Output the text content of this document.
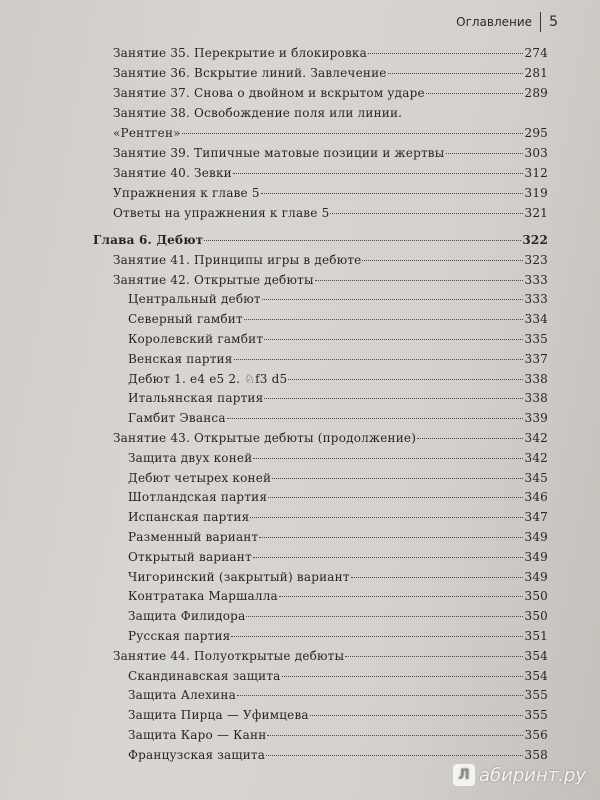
Оглавление 5
Занятие 35. Перекрытие и блокировка	274
Занятие 36. Вскрытие линий. Завлечение	281
Занятие 37. Снова о двойном и вскрытом ударе	289
Занятие 38. Освобождение поля или линии.
«Рентген»	295
Занятие 39. Типичные матовые позиции и жертвы	303
Занятие 40. Зевки	312
Упражнения к главе 5	319
Ответы на упражнения к главе 5	321
Глава 6. Дебют	322
Занятие 41. Принципы игры в дебюте	323
Занятие 42. Открытые дебюты	333
Центральный дебют	333
Северный гамбит	334
Королевский гамбит	335
Венская партия	337
Дебют 1. e4 e5 2. ♘f3 d5	338
Итальянская партия	338
Гамбит Эванса	339
Занятие 43. Открытые дебюты (продолжение)	342
Защита двух коней	342
Дебют четырех коней	345
Шотландская партия	346
Испанская партия	347
Разменный вариант	349
Открытый вариант	349
Чигоринский (закрытый) вариант	349
Контратака Маршалла	350
Защита Филидора	350
Русская партия	351
Занятие 44. Полуоткрытые дебюты	354
Скандинавская защита	354
Защита Алехина	355
Защита Пирца — Уфимцева	355
Защита Каро — Канн	356
Французская защита	358
Л абиринт.ру
